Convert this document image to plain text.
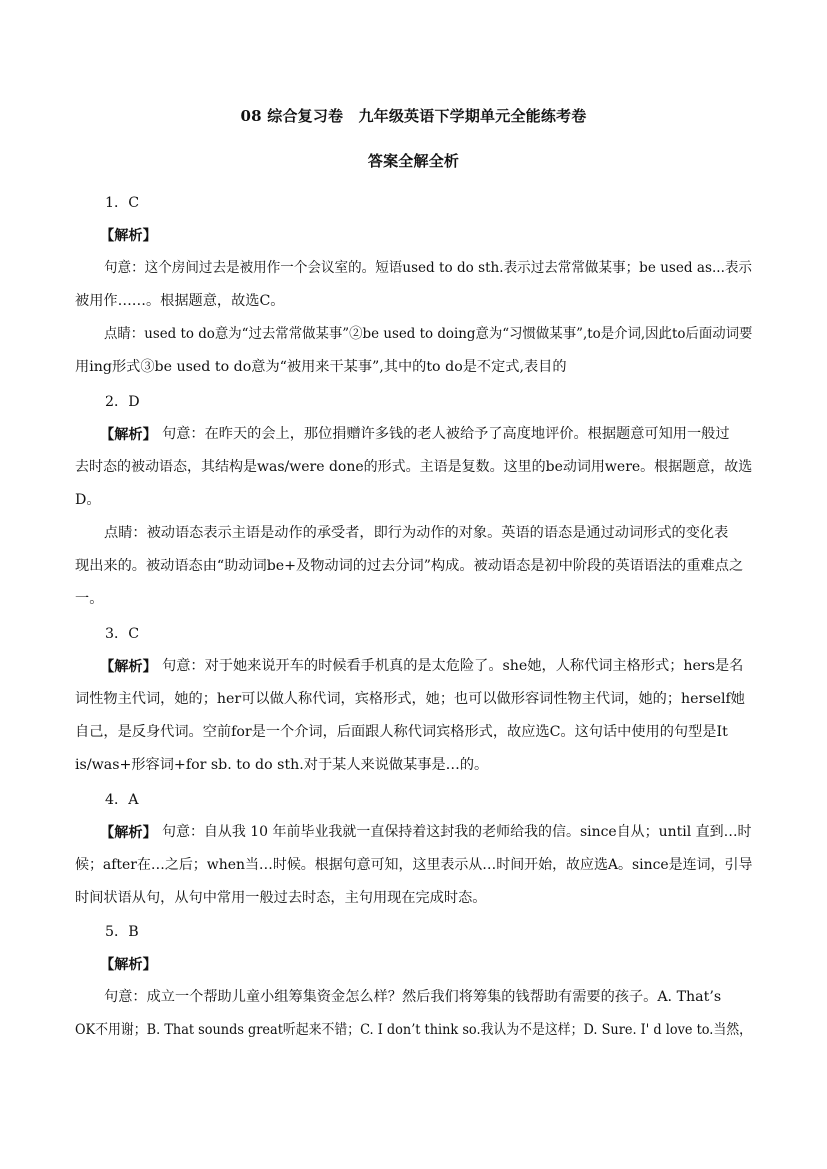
08 综合复习卷　九年级英语下学期单元全能练考卷
答案全解全析
1．C
【解析】
句意：这个房间过去是被用作一个会议室的。短语used to do sth.表示过去常常做某事；be used as...表示
被用作……。根据题意，故选C。
点睛：used to do意为“过去常常做某事”②be used to doing意为“习惯做某事”,to是介词,因此to后面动词要
用ing形式③be used to do意为“被用来干某事”,其中的to do是不定式,表目的
2．D
【解析】 句意：在昨天的会上，那位捐赠许多钱的老人被给予了高度地评价。根据题意可知用一般过
去时态的被动语态，其结构是was/were done的形式。主语是复数。这里的be动词用were。根据题意，故选
D。
点睛：被动语态表示主语是动作的承受者，即行为动作的对象。英语的语态是通过动词形式的变化表
现出来的。被动语态由“助动词be+及物动词的过去分词”构成。被动语态是初中阶段的英语语法的重难点之
一。
3．C
【解析】 句意：对于她来说开车的时候看手机真的是太危险了。she她，人称代词主格形式；hers是名
词性物主代词，她的；her可以做人称代词，宾格形式，她；也可以做形容词性物主代词，她的；herself她
自己，是反身代词。空前for是一个介词，后面跟人称代词宾格形式，故应选C。这句话中使用的句型是It
is/was+形容词+for sb. to do sth.对于某人来说做某事是…的。
4．A
【解析】 句意：自从我 10 年前毕业我就一直保持着这封我的老师给我的信。since自从；until 直到…时
候；after在…之后；when当…时候。根据句意可知，这里表示从…时间开始，故应选A。since是连词，引导
时间状语从句，从句中常用一般过去时态，主句用现在完成时态。
5．B
【解析】
句意：成立一个帮助儿童小组筹集资金怎么样？然后我们将筹集的钱帮助有需要的孩子。A. That’s
OK不用谢；B. That sounds great听起来不错；C. I don’t think so.我认为不是这样；D. Sure. I' d love to.当然，
